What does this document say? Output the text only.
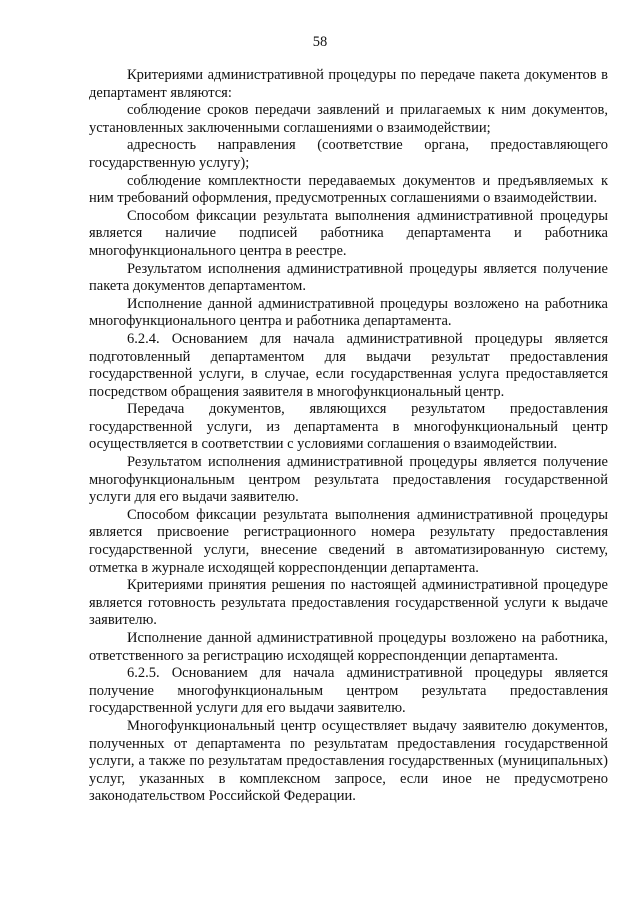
58

Критериями административной процедуры по передаче пакета документов в департамент являются:

соблюдение сроков передачи заявлений и прилагаемых к ним документов, установленных заключенными соглашениями о взаимодействии;

адресность направления (соответствие органа, предоставляющего государственную услугу);

соблюдение комплектности передаваемых документов и предъявляемых к ним требований оформления, предусмотренных соглашениями о взаимодействии.

Способом фиксации результата выполнения административной процедуры является наличие подписей работника департамента и работника многофункционального центра в реестре.

Результатом исполнения административной процедуры является получение пакета документов департаментом.

Исполнение данной административной процедуры возложено на работника многофункционального центра и работника департамента.

6.2.4. Основанием для начала административной процедуры является подготовленный департаментом для выдачи результат предоставления государственной услуги, в случае, если государственная услуга предоставляется посредством обращения заявителя в многофункциональный центр.

Передача документов, являющихся результатом предоставления государственной услуги, из департамента в многофункциональный центр осуществляется в соответствии с условиями соглашения о взаимодействии.

Результатом исполнения административной процедуры является получение многофункциональным центром результата предоставления государственной услуги для его выдачи заявителю.

Способом фиксации результата выполнения административной процедуры является присвоение регистрационного номера результату предоставления государственной услуги, внесение сведений в автоматизированную систему, отметка в журнале исходящей корреспонденции департамента.

Критериями принятия решения по настоящей административной процедуре является готовность результата предоставления государственной услуги к выдаче заявителю.

Исполнение данной административной процедуры возложено на работника, ответственного за регистрацию исходящей корреспонденции департамента.

6.2.5. Основанием для начала административной процедуры является получение многофункциональным центром результата предоставления государственной услуги для его выдачи заявителю.

Многофункциональный центр осуществляет выдачу заявителю документов, полученных от департамента по результатам предоставления государственной услуги, а также по результатам предоставления государственных (муниципальных) услуг, указанных в комплексном запросе, если иное не предусмотрено законодательством Российской Федерации.
